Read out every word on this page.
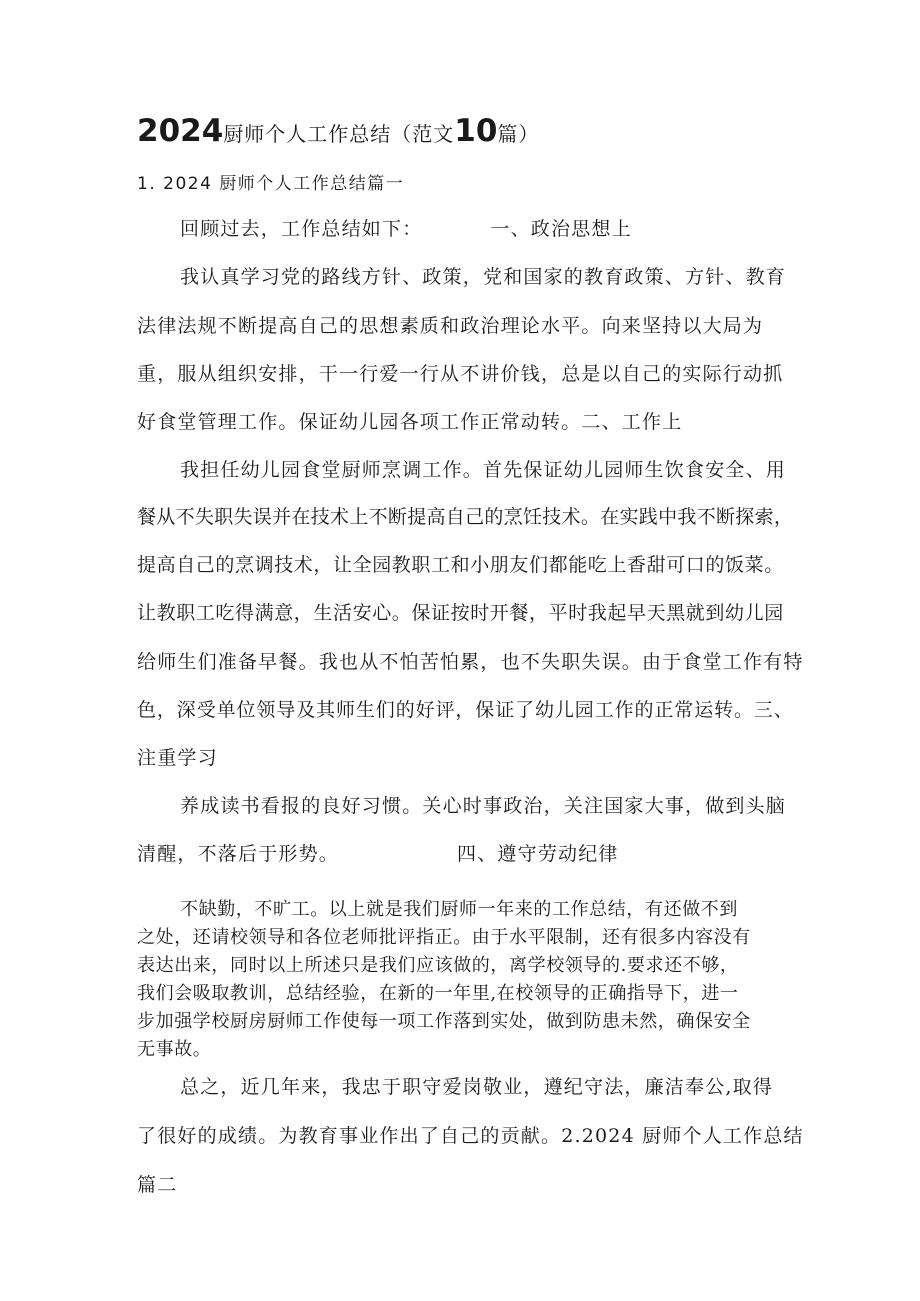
2024厨师个人工作总结（范文10篇）
1. 2024 厨师个人工作总结篇一
回顾过去，工作总结如下：	一、政治思想上
我认真学习党的路线方针、政策，党和国家的教育政策、方针、教育
法律法规不断提高自己的思想素质和政治理论水平。向来坚持以大局为
重，服从组织安排，干一行爱一行从不讲价钱，总是以自己的实际行动抓
好食堂管理工作。保证幼儿园各项工作正常动转。二、工作上
我担任幼儿园食堂厨师烹调工作。首先保证幼儿园师生饮食安全、用
餐从不失职失误并在技术上不断提高自己的烹饪技术。在实践中我不断探索，
提高自己的烹调技术，让全园教职工和小朋友们都能吃上香甜可口的饭菜。
让教职工吃得满意，生活安心。保证按时开餐，平时我起早天黑就到幼儿园
给师生们准备早餐。我也从不怕苦怕累，也不失职失误。由于食堂工作有特
色，深受单位领导及其师生们的好评，保证了幼儿园工作的正常运转。三、
注重学习
养成读书看报的良好习惯。关心时事政治，关注国家大事，做到头脑
清醒，不落后于形势。	四、遵守劳动纪律
不缺勤，不旷工。以上就是我们厨师一年来的工作总结，有还做不到
之处，还请校领导和各位老师批评指正。由于水平限制，还有很多内容没有
表达出来，同时以上所述只是我们应该做的，离学校领导的.要求还不够，
我们会吸取教训，总结经验，在新的一年里,在校领导的正确指导下，进一
步加强学校厨房厨师工作使每一项工作落到实处，做到防患未然，确保安全
无事故。
总之，近几年来，我忠于职守爱岗敬业，遵纪守法，廉洁奉公,取得
了很好的成绩。为教育事业作出了自己的贡献。2.2024 厨师个人工作总结
篇二
